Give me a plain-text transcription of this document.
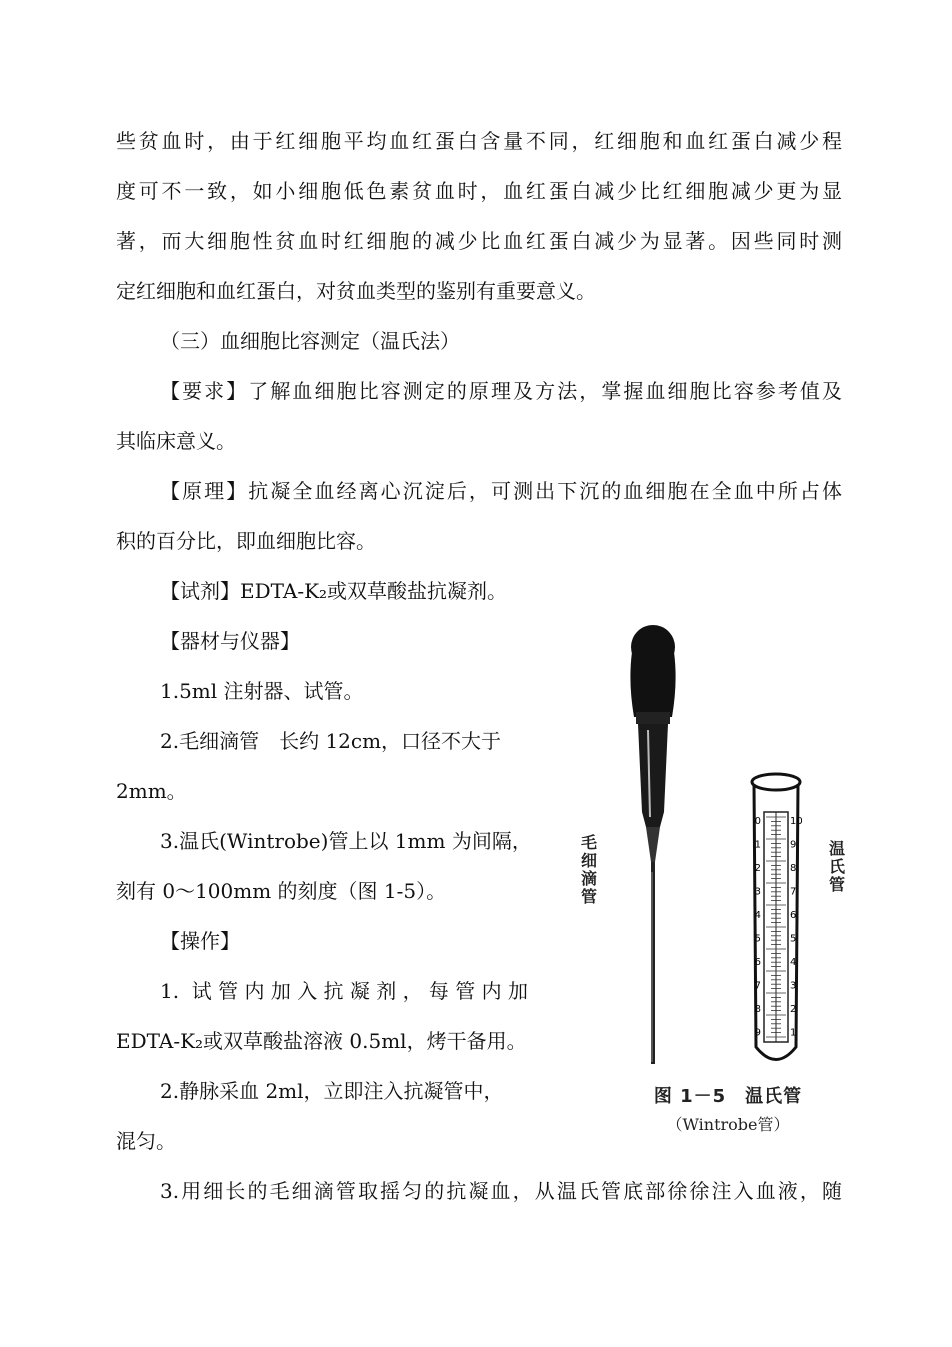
些贫血时，由于红细胞平均血红蛋白含量不同，红细胞和血红蛋白减少程

度可不一致，如小细胞低色素贫血时，血红蛋白减少比红细胞减少更为显

著，而大细胞性贫血时红细胞的减少比血红蛋白减少为显著。因些同时测

定红细胞和血红蛋白，对贫血类型的鉴别有重要意义。

（三）血细胞比容测定（温氏法）

【要求】了解血细胞比容测定的原理及方法，掌握血细胞比容参考值及

其临床意义。

【原理】抗凝全血经离心沉淀后，可测出下沉的血细胞在全血中所占体

积的百分比，即血细胞比容。

【试剂】EDTA-K₂或双草酸盐抗凝剂。

【器材与仪器】

1.5ml 注射器、试管。

2.毛细滴管　长约 12cm，口径不大于

2mm。

3.温氏(Wintrobe)管上以 1mm 为间隔，

刻有 0～100mm 的刻度（图 1-5）。

【操作】

1. 试管内加入抗凝剂，每管内加

EDTA-K₂或双草酸盐溶液 0.5ml，烤干备用。

2.静脉采血 2ml，立即注入抗凝管中，

混匀。

3.用细长的毛细滴管取摇匀的抗凝血，从温氏管底部徐徐注入血液，随

0
1
2
3
4
5
6
7
8
9
10
9
8
7
6
5
4
3
2
1
毛细滴管
温氏管
图 1－5　温氏管
（Wintrobe管）
